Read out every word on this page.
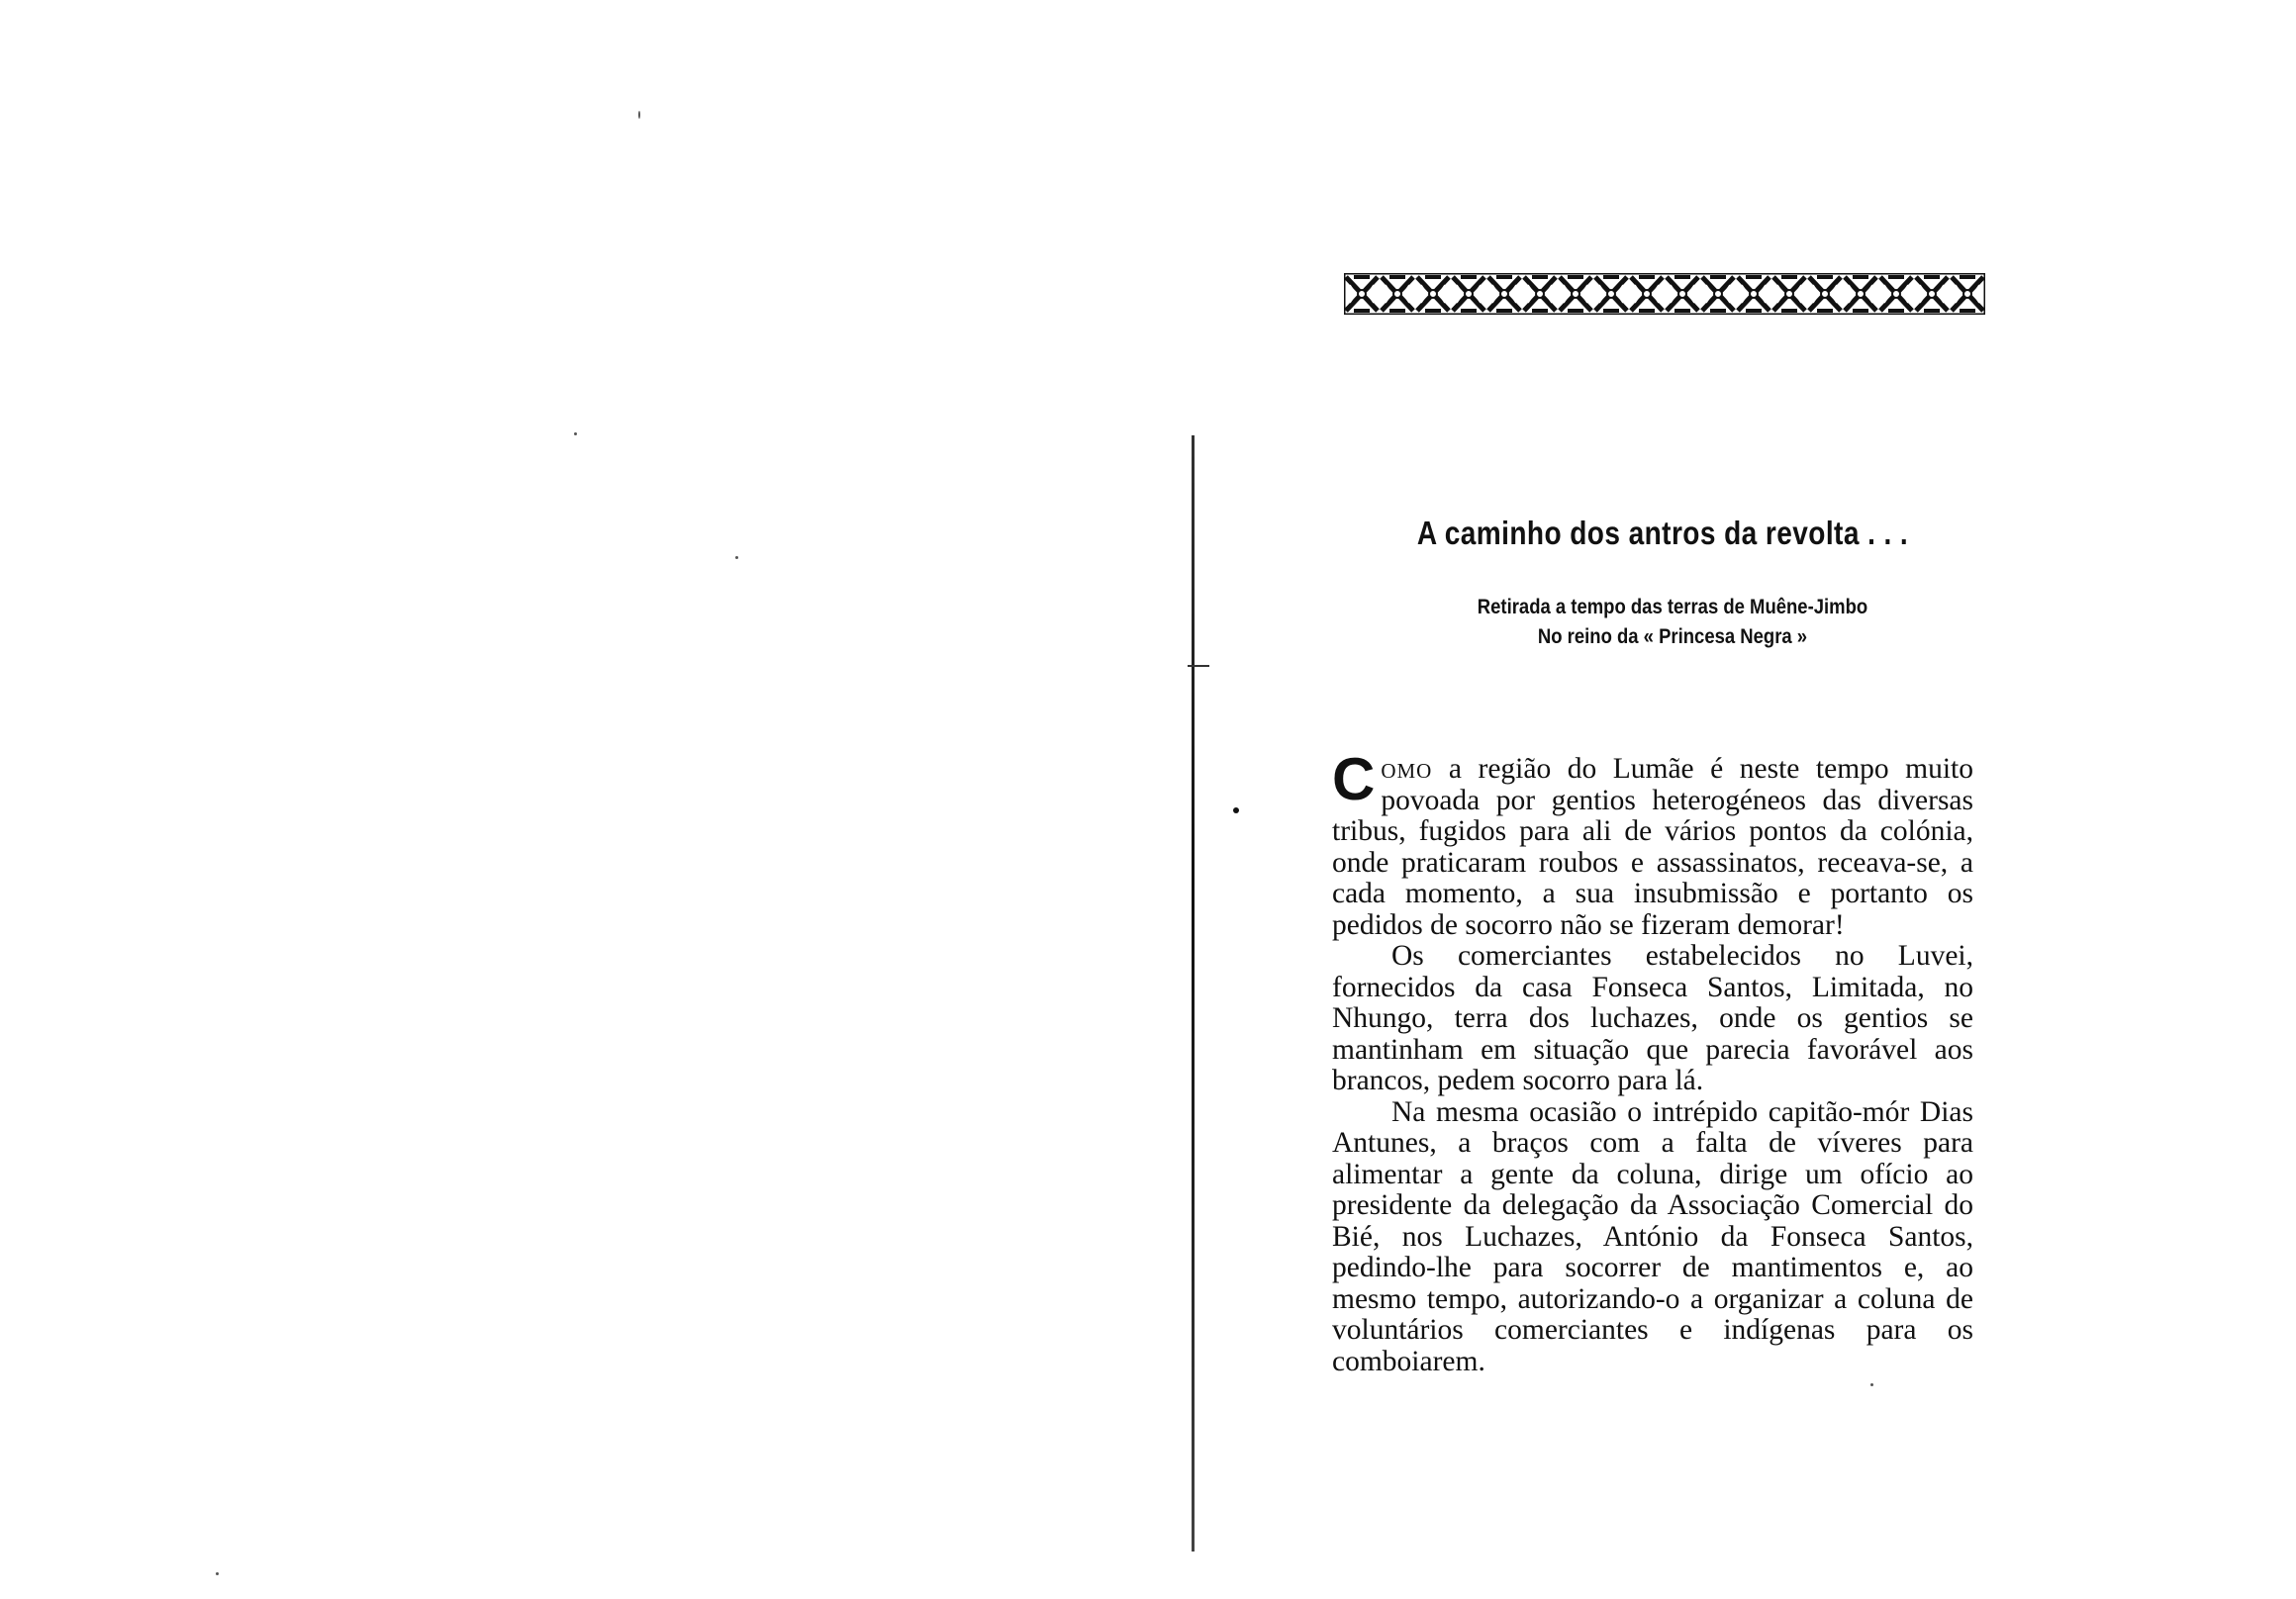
A caminho dos antros da revolta . . .
Retirada a tempo das terras de Muêne-Jimbo
No reino da « Princesa Negra »

Como a região do Lumãe é neste tempo muito povoada por gentios heterogéneos das diversas tribus, fugidos para ali de vários pontos da colónia, onde praticaram roubos e assassinatos, receava-se, a cada momento, a sua insubmissão e portanto os pedidos de socorro não se fizeram demorar!

Os comerciantes estabelecidos no Luvei, fornecidos da casa Fonseca Santos, Limitada, no Nhungo, terra dos luchazes, onde os gentios se mantinham em situação que parecia favorável aos brancos, pedem socorro para lá.

Na mesma ocasião o intrépido capitão-mór Dias Antunes, a braços com a falta de víveres para alimentar a gente da coluna, dirige um ofício ao presidente da delegação da Associação Comercial do Bié, nos Luchazes, António da Fonseca Santos, pedindo-lhe para socorrer de mantimentos e, ao mesmo tempo, autorizando-o a organizar a coluna de voluntários comerciantes e indígenas para os comboiarem.
